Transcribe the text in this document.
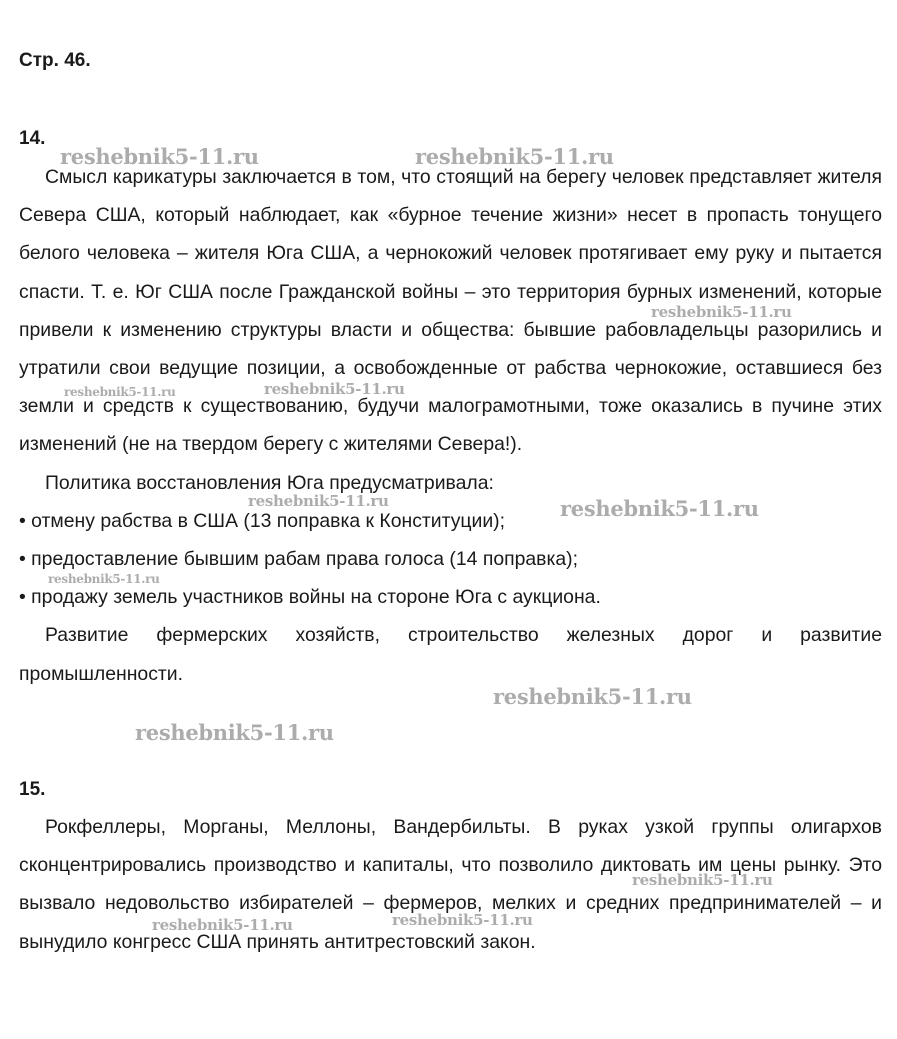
Стр. 46.
14.

Смысл карикатуры заключается в том, что стоящий на берегу человек представляет жителя Севера США, который наблюдает, как «бурное течение жизни» несет в пропасть тонущего белого человека – жителя Юга США, а чернокожий человек протягивает ему руку и пытается спасти. Т. е. Юг США после Гражданской войны – это территория бурных изменений, которые привели к изменению структуры власти и общества: бывшие рабовладельцы разорились и утратили свои ведущие позиции, а освобожденные от рабства чернокожие, оставшиеся без земли и средств к существованию, будучи малограмотными, тоже оказались в пучине этих изменений (не на твердом берегу с жителями Севера!).

Политика восстановления Юга предусматривала:

• отмену рабства в США (13 поправка к Конституции);

• предоставление бывшим рабам права голоса (14 поправка);

• продажу земель участников войны на стороне Юга с аукциона.

Развитие фермерских хозяйств, строительство железных дорог и развитие промышленности.

15.

Рокфеллеры, Морганы, Меллоны, Вандербильты. В руках узкой группы олигархов сконцентрировались производство и капиталы, что позволило диктовать им цены рынку. Это вызвало недовольство избирателей – фермеров, мелких и средних предпринимателей – и вынудило конгресс США принять антитрестовский закон.

reshebnik5-11.ru	reshebnik5-11.ru
reshebnik5-11.ru
reshebnik5-11.ru	reshebnik5-11.ru
reshebnik5-11.ru	reshebnik5-11.ru
reshebnik5-11.ru
reshebnik5-11.ru
reshebnik5-11.ru
reshebnik5-11.ru
reshebnik5-11.ru	reshebnik5-11.ru
